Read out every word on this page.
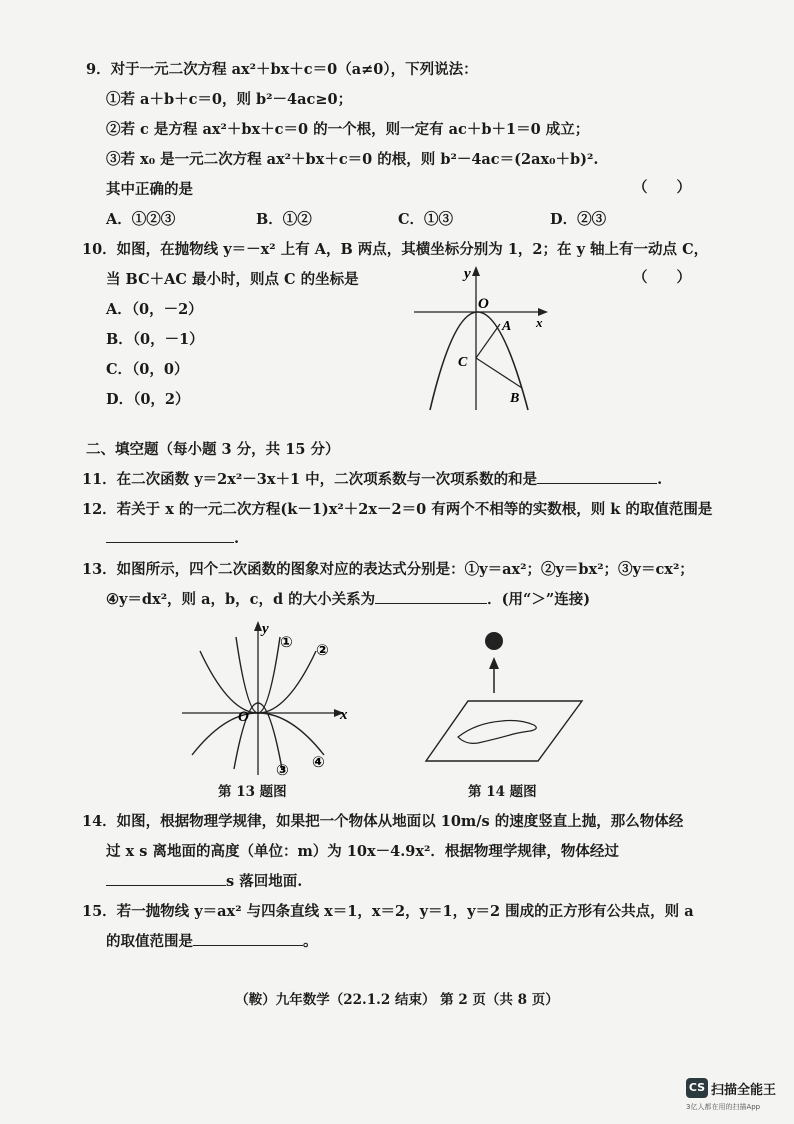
9．对于一元二次方程 ax²＋bx＋c＝0（a≠0），下列说法：
①若 a＋b＋c＝0，则 b²－4ac≥0；
②若 c 是方程 ax²＋bx＋c＝0 的一个根，则一定有 ac＋b＋1＝0 成立；
③若 x₀ 是一元二次方程 ax²＋bx＋c＝0 的根，则 b²－4ac＝(2ax₀＋b)².
其中正确的是	（　　）
A．①②③	B．①②	C．①③	D．②③
10．如图，在抛物线 y＝－x² 上有 A，B 两点，其横坐标分别为 1，2；在 y 轴上有一动点 C，
当 BC＋AC 最小时，则点 C 的坐标是	（　　）
A．（0，－2）
B．（0，－1）
C．（0，0）
D．（0，2）
y
x
O
A
C
B
二、填空题（每小题 3 分，共 15 分）
11．在二次函数 y＝2x²－3x＋1 中，二次项系数与一次项系数的和是	.
12．若关于 x 的一元二次方程(k－1)x²＋2x－2＝0 有两个不相等的实数根，则 k 的取值范围是
.
13．如图所示，四个二次函数的图象对应的表达式分别是：①y＝ax²；②y＝bx²；③y＝cx²；
④y＝dx²，则 a，b，c，d 的大小关系为	．(用“＞”连接)
y
x
O
① ②
③ ④
第 13 题图	第 14 题图
14．如图，根据物理学规律，如果把一个物体从地面以 10m/s 的速度竖直上抛，那么物体经
过 x s 离地面的高度（单位：m）为 10x－4.9x²．根据物理学规律，物体经过
s 落回地面.
15．若一抛物线 y＝ax² 与四条直线 x＝1，x＝2，y＝1，y＝2 围成的正方形有公共点，则 a
的取值范围是	。
（鞍）九年数学（22.1.2 结束） 第 2 页（共 8 页）
CS 扫描全能王
3亿人都在用的扫描App
